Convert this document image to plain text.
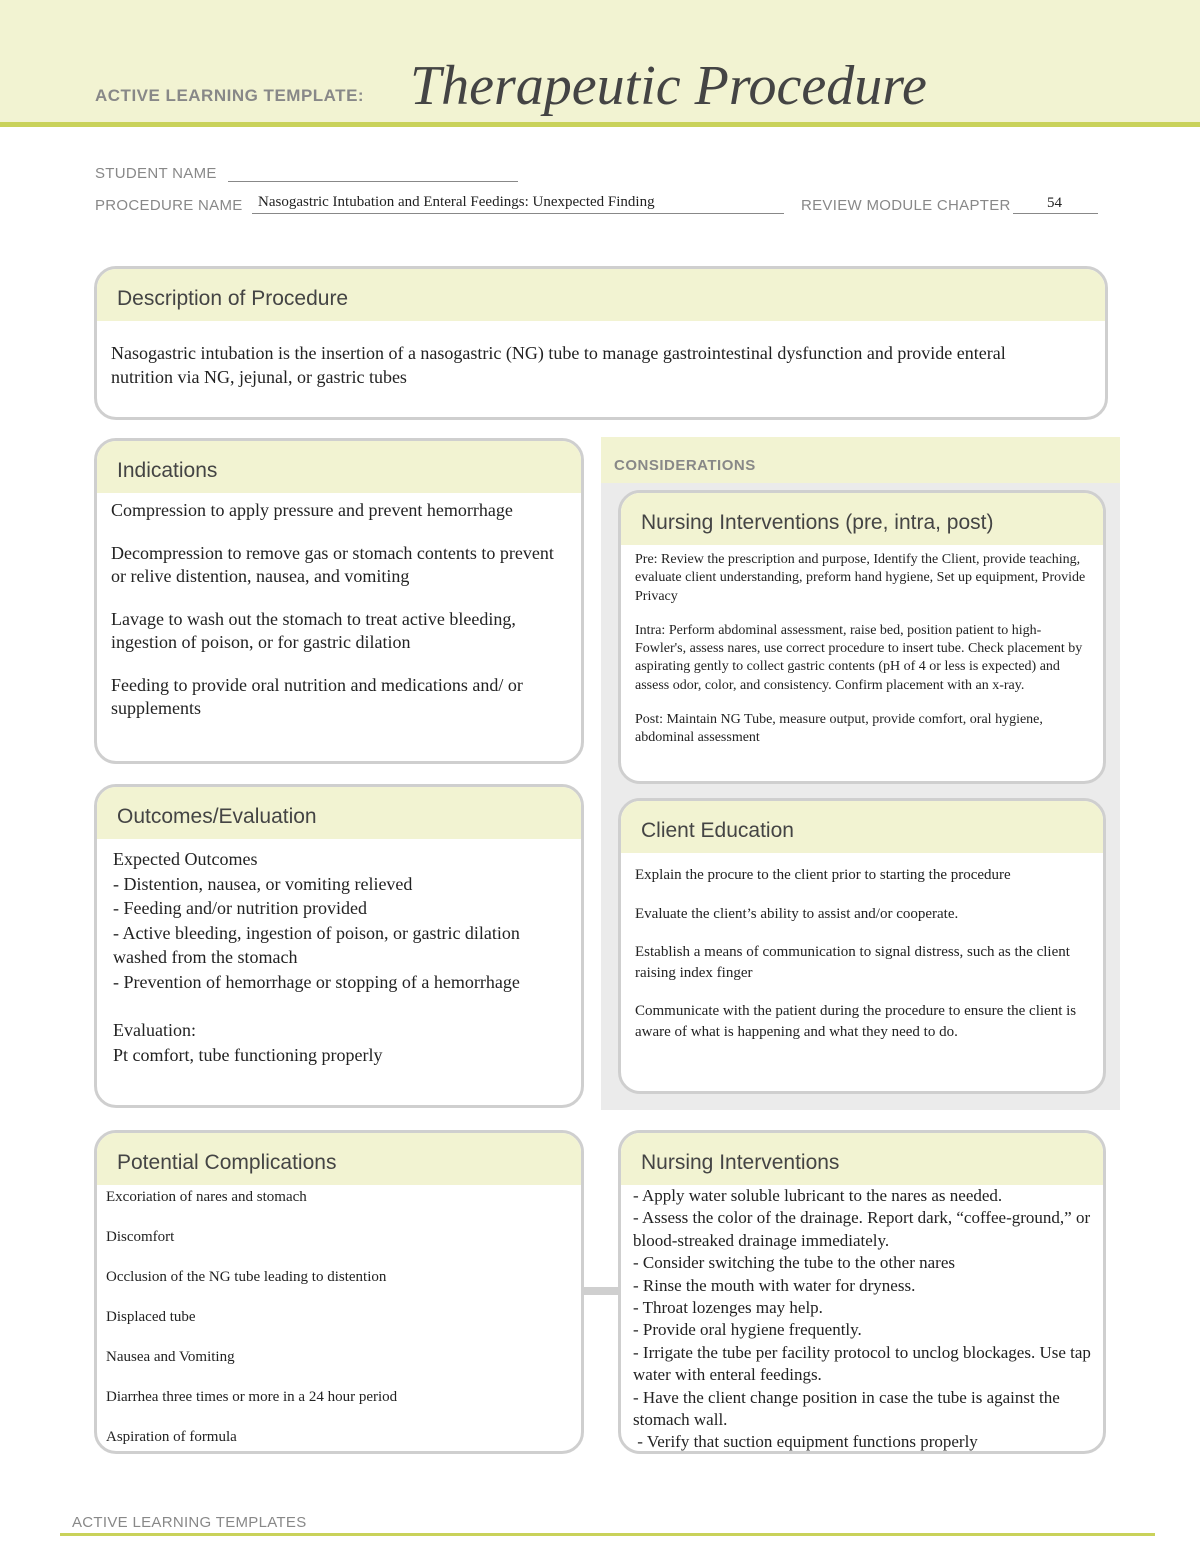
ACTIVE LEARNING TEMPLATE: Therapeutic Procedure
STUDENT NAME
PROCEDURE NAME Nasogastric Intubation and Enteral Feedings: Unexpected Finding	REVIEW MODULE CHAPTER 54
Description of Procedure

Nasogastric intubation is the insertion of a nasogastric (NG) tube to manage gastrointestinal dysfunction and provide enteral nutrition via NG, jejunal, or gastric tubes

CONSIDERATIONS
Indications

Compression to apply pressure and prevent hemorrhage

Decompression to remove gas or stomach contents to prevent or relive distention, nausea, and vomiting

Lavage to wash out the stomach to treat active bleeding, ingestion of poison, or for gastric dilation

Feeding to provide oral nutrition and medications and/ or supplements

Outcomes/Evaluation

Expected Outcomes

- Distention, nausea, or vomiting relieved

- Feeding and/or nutrition provided

- Active bleeding, ingestion of poison, or gastric dilation washed from the stomach

- Prevention of hemorrhage or stopping of a hemorrhage

Evaluation:

Pt comfort, tube functioning properly

Nursing Interventions (pre, intra, post)

Pre: Review the prescription and purpose, Identify the Client, provide teaching, evaluate client understanding, preform hand hygiene, Set up equipment, Provide Privacy

Intra: Perform abdominal assessment, raise bed, position patient to high-Fowler's, assess nares, use correct procedure to insert tube. Check placement by aspirating gently to collect gastric contents (pH of 4 or less is expected) and assess odor, color, and consistency. Confirm placement with an x-ray.

Post: Maintain NG Tube, measure output, provide comfort, oral hygiene, abdominal assessment

Client Education

Explain the procure to the client prior to starting the procedure

Evaluate the client’s ability to assist and/or cooperate.

Establish a means of communication to signal distress, such as the client raising index finger

Communicate with the patient during the procedure to ensure the client is aware of what is happening and what they need to do.

Potential Complications

Excoriation of nares and stomach

Discomfort

Occlusion of the NG tube leading to distention

Displaced tube

Nausea and Vomiting

Diarrhea three times or more in a 24 hour period

Aspiration of formula

Nursing Interventions

- Apply water soluble lubricant to the nares as needed.

- Assess the color of the drainage. Report dark, “coffee-ground,” or blood-streaked drainage immediately.

- Consider switching the tube to the other nares

- Rinse the mouth with water for dryness.

- Throat lozenges may help.

- Provide oral hygiene frequently.

- Irrigate the tube per facility protocol to unclog blockages. Use tap water with enteral feedings.

- Have the client change position in case the tube is against the stomach wall.

- Verify that suction equipment functions properly

ACTIVE LEARNING TEMPLATES
